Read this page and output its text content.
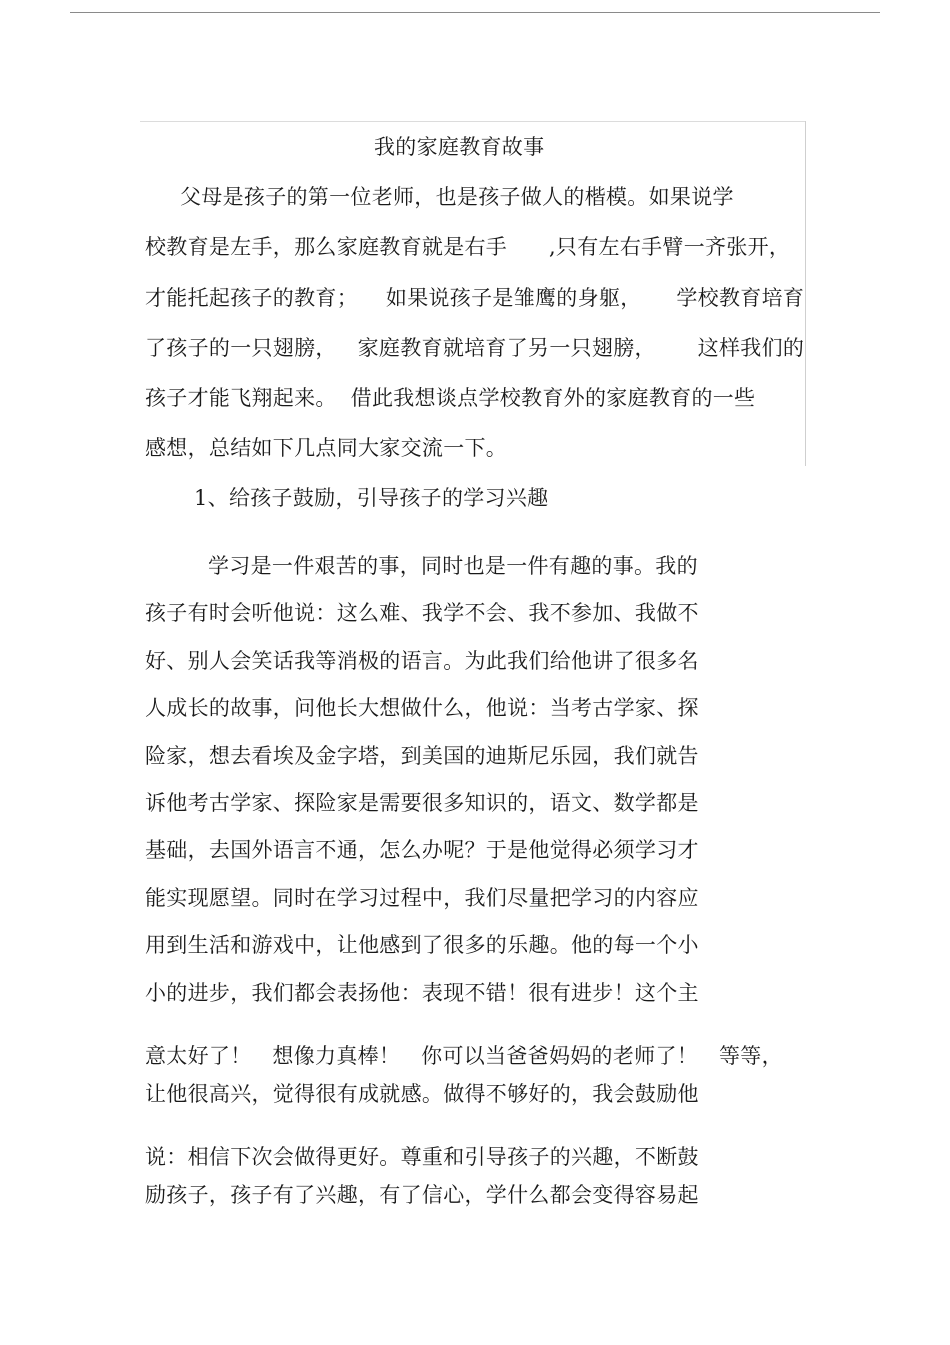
我的家庭教育故事
父母是孩子的第一位老师，也是孩子做人的楷模。如果说学
校教育是左手，那么家庭教育就是右手      ,只有左右手臂一齐张开，
才能托起孩子的教育；    如果说孩子是雏鹰的身躯，     学校教育培育
了孩子的一只翅膀，   家庭教育就培育了另一只翅膀，      这样我们的
孩子才能飞翔起来。  借此我想谈点学校教育外的家庭教育的一些
感想，总结如下几点同大家交流一下。
1、给孩子鼓励，引导孩子的学习兴趣
学习是一件艰苦的事，同时也是一件有趣的事。我的
孩子有时会听他说：这么难、我学不会、我不参加、我做不
好、别人会笑话我等消极的语言。为此我们给他讲了很多名
人成长的故事，问他长大想做什么，他说：当考古学家、探
险家，想去看埃及金字塔，到美国的迪斯尼乐园，我们就告
诉他考古学家、探险家是需要很多知识的，语文、数学都是
基础，去国外语言不通，怎么办呢？于是他觉得必须学习才
能实现愿望。同时在学习过程中，我们尽量把学习的内容应
用到生活和游戏中，让他感到了很多的乐趣。他的每一个小
小的进步，我们都会表扬他：表现不错！很有进步！这个主
意太好了！   想像力真棒！   你可以当爸爸妈妈的老师了！   等等，
让他很高兴，觉得很有成就感。做得不够好的，我会鼓励他
说：相信下次会做得更好。尊重和引导孩子的兴趣，不断鼓
励孩子，孩子有了兴趣，有了信心，学什么都会变得容易起
